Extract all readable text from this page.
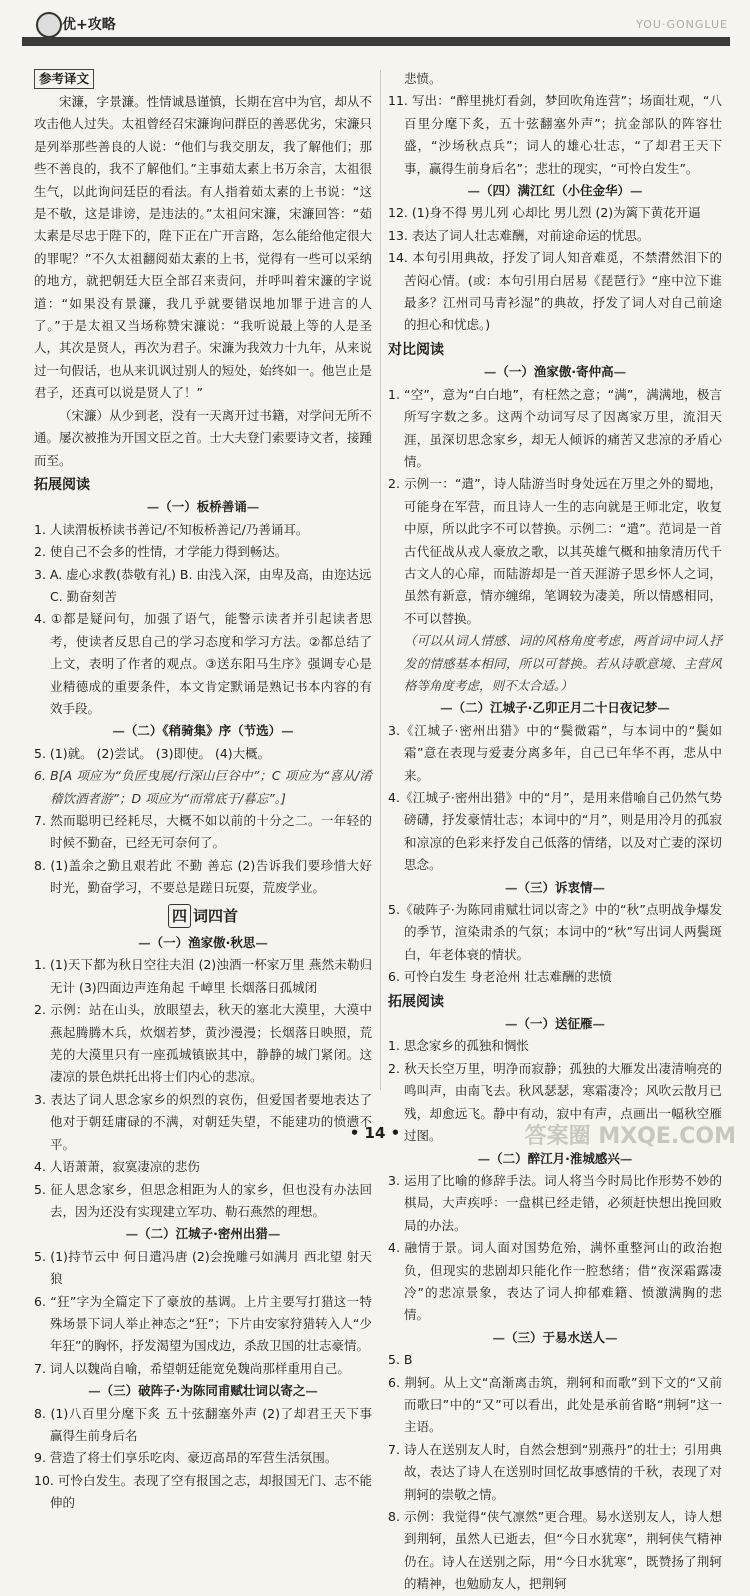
优+攻略	YOU·GONGLUE
参考译文

宋濂，字景濂。性情诚恳谨慎，长期在宫中为官，却从不攻击他人过失。太祖曾经召宋濂询问群臣的善恶优劣，宋濂只是列举那些善良的人说：“他们与我交朋友，我了解他们；那些不善良的，我不了解他们。”主事茹太素上书万余言，太祖很生气，以此询问廷臣的看法。有人指着茹太素的上书说：“这是不敬，这是诽谤，是违法的。”太祖问宋濂，宋濂回答：“茹太素是尽忠于陛下的，陛下正在广开言路，怎么能给他定很大的罪呢？”不久太祖翻阅茹太素的上书，觉得有一些可以采纳的地方，就把朝廷大臣全部召来责问，并呼叫着宋濂的字说道：“如果没有景濂，我几乎就要错误地加罪于进言的人了。”于是太祖又当场称赞宋濂说：“我听说最上等的人是圣人，其次是贤人，再次为君子。宋濂为我效力十九年，从来说过一句假话，也从来讥讽过别人的短处，始终如一。他岂止是君子，还真可以说是贤人了！”

（宋濂）从少到老，没有一天离开过书籍，对学问无所不通。屡次被推为开国文臣之首。士大夫登门索要诗文者，接踵而至。

拓展阅读

— （一）板桥善诵 —

1. 人读渭板桥读书善记/不知板桥善记/乃善诵耳。

2. 使自己不会多的性情，才学能力得到畅达。

3. A. 虚心求教(恭敬有礼) B. 由浅入深，由卑及高，由迩达远

C. 勤奋刻苦

4. ①都是疑问句，加强了语气，能警示读者并引起读者思考，使读者反思自己的学习态度和学习方法。②都总结了上文，表明了作者的观点。③送东阳马生序》强调专心是业精德成的重要条件，本文肯定默诵是熟记书本内容的有效手段。

— （二）《稍骑集》序（节选） —

5. (1)就。 (2)尝试。 (3)即使。 (4)大概。

6. B[A 项应为“负匠曳展/行深山巨谷中”；C 项应为“喜从/淆稽饮酒者游”；D 项应为“而常底于/暮忘”。]

7. 然而聪明已经耗尽，大概不如以前的十分之二。一年轻的时候不勤奋，已经无可奈何了。

8. (1)盖余之勤且艰若此 不勤 善忘 (2)告诉我们要珍惜大好时光，勤奋学习，不要总是蹉日玩耍，荒废学业。

四 词四首

— （一）渔家傲·秋思 —

1. (1)天下都为秋日空往夫泪 (2)浊酒一杯家万里 燕然未勒归无计 (3)四面边声连角起 千嶂里 长烟落日孤城闭

2. 示例：站在山头，放眼望去，秋天的塞北大漠里，大漠中燕起腾腾木兵，炊烟若梦，黄沙漫漫；长烟落日映照，荒芜的大漠里只有一座孤城镇嵌其中，静静的城门紧闭。这凄凉的景色烘托出将士们内心的悲凉。

3. 表达了词人思念家乡的炽烈的哀伤，但爱国者要地表达了他对于朝廷庸碌的不满，对朝廷失望，不能建功的愤懑不平。

4. 人语萧萧，寂寞凄凉的悲伤

5. 征人思念家乡，但思念相距为人的家乡，但也没有办法回去，因为还没有实现建立军功、勒石燕然的理想。

— （二）江城子·密州出猎 —

5. (1)持节云中 何日遣冯唐 (2)会挽雕弓如满月 西北望 射天狼

6. “狂”字为全篇定下了豪放的基调。上片主要写打猎这一特殊场景下词人举止神态之“狂”；下片由安家狩猎转入人“少年狂”的胸怀，抒发渴望为国戍边，杀敌卫国的壮志豪情。

7. 词人以魏尚自喻，希望朝廷能宽免魏尚那样重用自己。

— （三）破阵子·为陈同甫赋壮词以寄之 —

8. (1)八百里分麾下炙 五十弦翻塞外声 (2)了却君王天下事 赢得生前身后名

9. 营造了将士们享乐吃肉、豪迈高昂的军营生活氛围。

10. 可怜白发生。表现了空有报国之志，却报国无门、志不能伸的

悲愤。

11. 写出：“醉里挑灯看剑，梦回吹角连营”；场面壮观，“八百里分麾下炙，五十弦翻塞外声”；抗金部队的阵容壮盛，“沙场秋点兵”；词人的雄心壮志，“了却君王天下事，赢得生前身后名”；悲壮的现实，“可怜白发生”。

— （四）满江红（小住金华） —

12. (1)身不得 男儿列 心却比 男儿烈 (2)为篱下黄花开逼

13. 表达了词人壮志难酬，对前途命运的忧思。

14. 本句引用典故，抒发了词人知音难觅，不禁潸然泪下的苦闷心情。(或：本句引用白居易《琵琶行》“座中泣下谁最多？江州司马青衫湿”的典故，抒发了词人对自己前途的担心和忧虑。)

对比阅读

— （一）渔家傲·寄仲高 —

1. “空”，意为“白白地”，有枉然之意；“满”，满满地，极言所写字数之多。这两个动词写尽了因离家万里，流泪天涯，虽深切思念家乡，却无人倾诉的痛苦又悲凉的矛盾心情。

2. 示例一：“遣”，诗人陆游当时身处远在万里之外的蜀地，可能身在军营，而且诗人一生的志向就是王师北定，收复中原，所以此字不可以替换。示例二：“遣”。范词是一首古代征战从戎人豪放之歌，以其英雄气概和抽象清历代千古文人的心扉，而陆游却是一首天涯游子思乡怀人之词，虽然有新意，情亦缠绵，笔调较为凄美，所以情感相同，不可以替换。

（可以从词人情感、词的风格角度考虑，两首词中词人抒发的情感基本相同，所以可替换。若从诗歌意境、主营风格等角度考虑，则不太合适。）

— （二）江城子·乙卯正月二十日夜记梦 —

3.《江城子·密州出猎》中的“鬓微霜”，与本词中的“鬓如霜”意在表现与爱妻分离多年，自己已年华不再，悲从中来。

4.《江城子·密州出猎》中的“月”，是用来借喻自己仍然气势磅礴，抒发豪情壮志；本词中的“月”，则是用冷月的孤寂和凉凉的色彩来抒发自己低落的情绪，以及对亡妻的深切思念。

— （三）诉衷情 —

5.《破阵子·为陈同甫赋壮词以寄之》中的“秋”点明战争爆发的季节，渲染肃杀的气氛；本词中的“秋”写出词人两鬓斑白，年老体衰的情状。

6. 可怜白发生 身老沧州 壮志难酬的悲愤

拓展阅读

— （一）送征雁 —

1. 思念家乡的孤独和惆怅

2. 秋天长空万里，明净而寂静；孤独的大雁发出凄清响亮的鸣叫声，由南飞去。秋风瑟瑟，寒霜凄冷；风吹云散月已残，却愈远飞。静中有动，寂中有声，点画出一幅秋空雁过图。

— （二）醉江月·淮城感兴 —

3. 运用了比喻的修辞手法。词人将当今时局比作形势不妙的棋局，大声疾呼：一盘棋已经走错，必须赶快想出挽回败局的办法。

4. 融情于景。词人面对国势危殆，满怀重整河山的政治抱负，但现实的悲剧却只能化作一腔愁绪；借“夜深霜露凄冷”的悲凉景象，表达了词人抑郁难籍、愤激满胸的悲情。

— （三）于易水送人 —

5. B

6. 荆轲。从上文“高渐离击筑，荆轲和而歌”到下文的“又前而歌曰”中的“又”可以看出，此处是承前省略“荆轲”这一主语。

7. 诗人在送别友人时，自然会想到“别燕丹”的壮士；引用典故，表达了诗人在送别时回忆故事感情的千秋，表现了对荆轲的崇敬之情。

8. 示例：我觉得“侠气凛然”更合理。易水送别友人，诗人想到荆轲，虽然人已逝去，但“今日水犹寒”，荆轲侠气精神仍在。诗人在送别之际，用“今日水犹寒”，既赞扬了荆轲的精神，也勉励友人，把荆轲

• 14 •	答案圈 MXQE.COM
